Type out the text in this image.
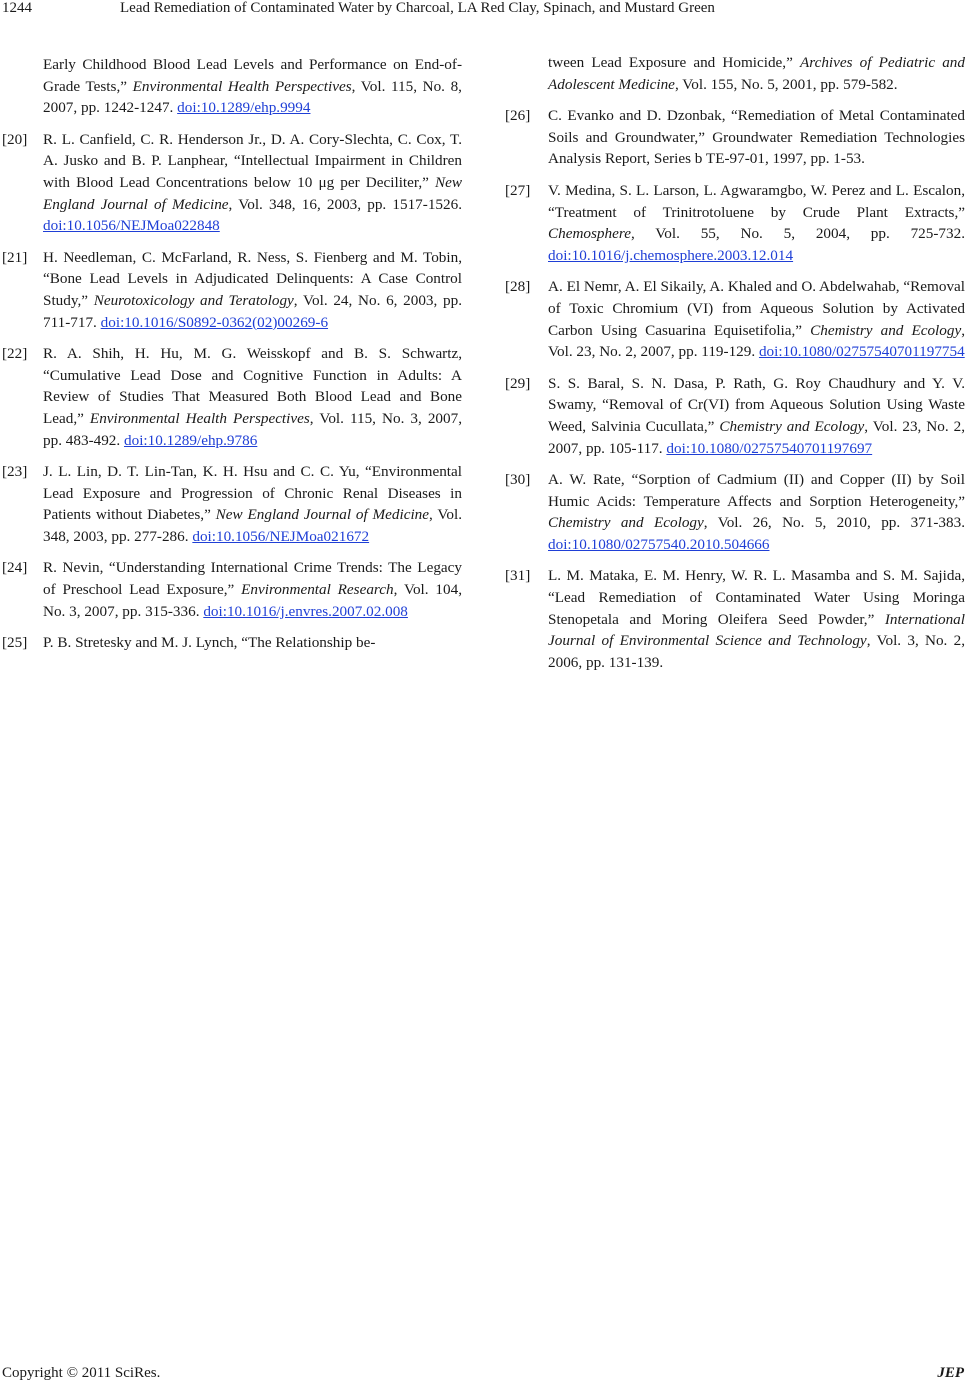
1244	Lead Remediation of Contaminated Water by Charcoal, LA Red Clay, Spinach, and Mustard Green
Early Childhood Blood Lead Levels and Performance on End-of-Grade Tests,” Environmental Health Perspectives, Vol. 115, No. 8, 2007, pp. 1242-1247. doi:10.1289/ehp.9994
[20]	R. L. Canfield, C. R. Henderson Jr., D. A. Cory-Slechta, C. Cox, T. A. Jusko and B. P. Lanphear, “Intellectual Impairment in Children with Blood Lead Concentrations below 10 μg per Deciliter,” New England Journal of Medicine, Vol. 348, 16, 2003, pp. 1517-1526. doi:10.1056/NEJMoa022848
[21]	H. Needleman, C. McFarland, R. Ness, S. Fienberg and M. Tobin, “Bone Lead Levels in Adjudicated Delinquents: A Case Control Study,” Neurotoxicology and Teratology, Vol. 24, No. 6, 2003, pp. 711-717. doi:10.1016/S0892-0362(02)00269-6
[22]	R. A. Shih, H. Hu, M. G. Weisskopf and B. S. Schwartz, “Cumulative Lead Dose and Cognitive Function in Adults: A Review of Studies That Measured Both Blood Lead and Bone Lead,” Environmental Health Perspectives, Vol. 115, No. 3, 2007, pp. 483-492. doi:10.1289/ehp.9786
[23]	J. L. Lin, D. T. Lin-Tan, K. H. Hsu and C. C. Yu, “Environmental Lead Exposure and Progression of Chronic Renal Diseases in Patients without Diabetes,” New England Journal of Medicine, Vol. 348, 2003, pp. 277-286. doi:10.1056/NEJMoa021672
[24]	R. Nevin, “Understanding International Crime Trends: The Legacy of Preschool Lead Exposure,” Environmental Research, Vol. 104, No. 3, 2007, pp. 315-336. doi:10.1016/j.envres.2007.02.008
[25]	P. B. Stretesky and M. J. Lynch, “The Relationship be-
tween Lead Exposure and Homicide,” Archives of Pediatric and Adolescent Medicine, Vol. 155, No. 5, 2001, pp. 579-582.
[26]	C. Evanko and D. Dzonbak, “Remediation of Metal Contaminated Soils and Groundwater,” Groundwater Remediation Technologies Analysis Report, Series b TE-97-01, 1997, pp. 1-53.
[27]	V. Medina, S. L. Larson, L. Agwaramgbo, W. Perez and L. Escalon, “Treatment of Trinitrotoluene by Crude Plant Extracts,” Chemosphere, Vol. 55, No. 5, 2004, pp. 725-732. doi:10.1016/j.chemosphere.2003.12.014
[28]	A. El Nemr, A. El Sikaily, A. Khaled and O. Abdelwahab, “Removal of Toxic Chromium (VI) from Aqueous Solution by Activated Carbon Using Casuarina Equisetifolia,” Chemistry and Ecology, Vol. 23, No. 2, 2007, pp. 119-129. doi:10.1080/02757540701197754
[29]	S. S. Baral, S. N. Dasa, P. Rath, G. Roy Chaudhury and Y. V. Swamy, “Removal of Cr(VI) from Aqueous Solution Using Waste Weed, Salvinia Cucullata,” Chemistry and Ecology, Vol. 23, No. 2, 2007, pp. 105-117. doi:10.1080/02757540701197697
[30]	A. W. Rate, “Sorption of Cadmium (II) and Copper (II) by Soil Humic Acids: Temperature Affects and Sorption Heterogeneity,” Chemistry and Ecology, Vol. 26, No. 5, 2010, pp. 371-383. doi:10.1080/02757540.2010.504666
[31]	L. M. Mataka, E. M. Henry, W. R. L. Masamba and S. M. Sajida, “Lead Remediation of Contaminated Water Using Moringa Stenopetala and Moring Oleifera Seed Powder,” International Journal of Environmental Science and Technology, Vol. 3, No. 2, 2006, pp. 131-139.
Copyright © 2011 SciRes.	JEP
